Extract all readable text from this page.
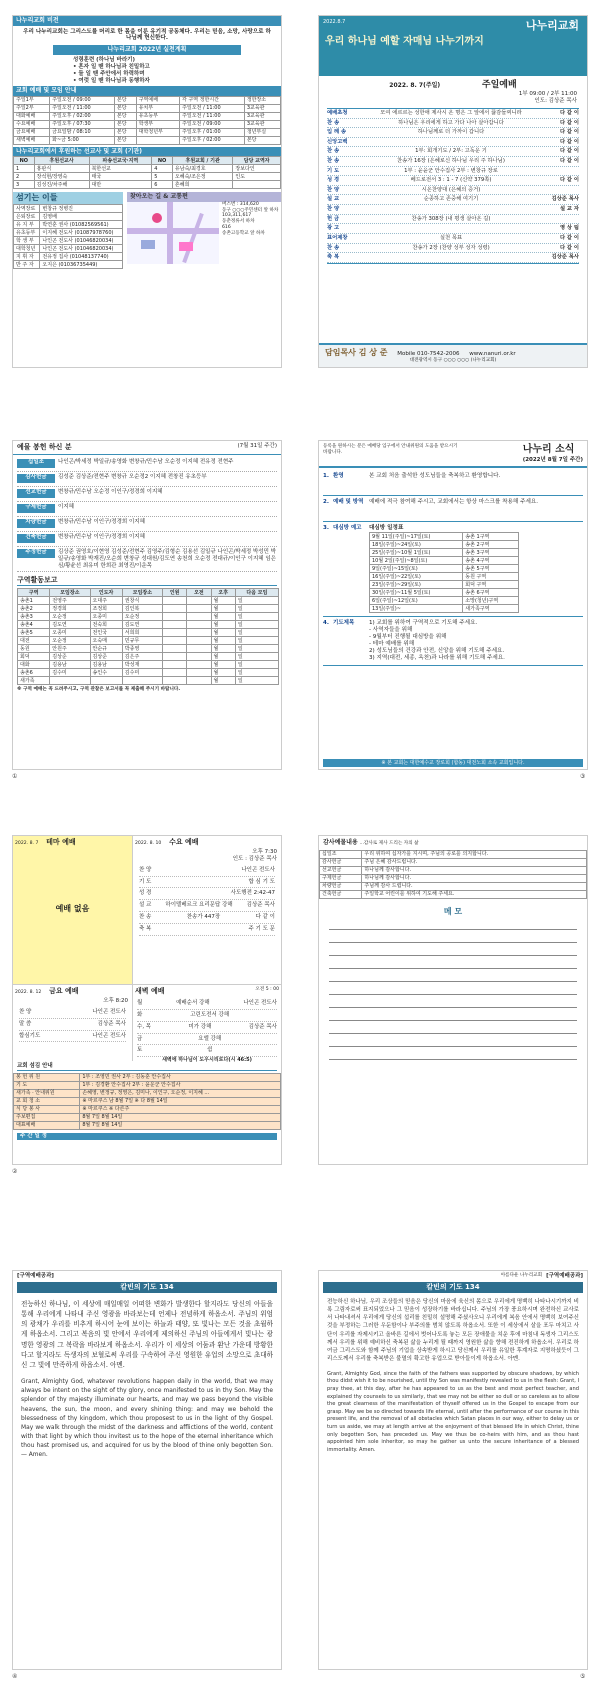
나누리교회 비전
우리 나누리교회는 그리스도를 머리로 한 몸을 이룬 유기적 공동체다. 우리는 믿음, 소망, 사랑으로 하나님께 헌신한다.
나누리교회 2022년 실천계획
성령훈련 (하나님 바라기)
• 혼자 일 땐 하나님과 친밀하고
• 둘 일 땐 주안에서 하력하며
• 여럿 일 땐 하나님과 동행하자
교회 예배 및 모임 안내
주일1부	주일오전 / 09:00	본당	구역예배	각 구역 정한시간	정한장소
주일2부	주일오전 / 11:00	본당	유치부	주일오전 / 11:00	3교육관
대화예배	주일오후 / 02:00	본당	유초등부	주일오전 / 11:00	3교육관
수요예배	주일오후 / 07:30	본당	학생부	주일오전 / 09:00	3교육관
금요예배	금요일밤 / 08:10	본당	대학청년부	주일오후 / 01:00	청년부실
새벽예배	화~금 5:00	본당		주일오후 / 02:00	본당
나누리교회에서 후원하는 선교사 및 교회 (기관)
NO	후원선교사	파송선교국·지역	NO	후원교회 / 기관	담당 교역자
1	홍판식	북한선교	4	유남숙/최경호	장보다인
2	장석현/장영숙	태국	5	오혜숙/조은정	인도
3	김성진/차주해	대만	6	흔혜희	
섬기는 이들
사역장로	변창규 정병진
은퇴장로	김영배
유 지 부	박연훈 권사 (01082569561)
유초등부	이지혜 전도사 (01087978760)
학 생 부	나인곤 전도사 (01046820034)
대학청년	나인곤 전도사 (01046820034)
지 휘 자	전유정 집사 (01048137740)
반 주 자	오지은 (01036735449)
찾아오는 길 & 교통편
버스번 : 314,620
동구 ○○○주민센터 앞 하차
103,311,617
동춘정류서 하차
616
송촌고등학교 앞 하차
2022.8.7	나누리교회
우리 하나님 예할 자매님 나누기까지
2022. 8. 7(주일)	주일예배
1부 09:00 / 2부 11:00
인도: 김상준 목사
예배초청	모여 에르르는 성한애 제사시 온 명은 그 앞에서 끓감들찌니라	다 같 이
찬 송	하나님은 우리에게 하고 가다 나아 살아갑니다	다 같 이
입 례 송	하나님께로 더 가까이 갑니다	다 같 이
신앙고백	다 같 이
찬 송	1부: 회개기도 / 2부: 고독운 기	다 같 이
찬 송	찬송가 16장 (은혜로신 하나님 우리 주 하나님)	다 같 이
기 도	1부 : 윤윤군 안수집사 2부 : 변창규 장로
성 경	베드로전서 3 : 1 - 7 (신약 379쪽)	다 같 이
찬 양	시온찬양대 (은혜의 증거)
설 교	순종하고 존중해 여기기	김상준 목사
찬 양	설 교 자
헌 금	찬송가 308장 (내 평생 살아온 길)
광 고	영 상 팀
표어제창	실천 목표	다 같 이
찬 송	찬송가 2장 (찬양 성부 성자 성령)	다 같 이
축 복	김상준 목사
담임목사 김 상 준 Mobile 010-7542-2006 www.nanuri.or.kr
대전광역시 동구 ○○○ ○○○ (나누리교회)
예물 봉헌 하신 분	(7월 31일 주간)
십일조	나인곤/박세정 박일규/송영화 변창규/민수남 오순정 이지혜 전유정 전현주
감사헌금	김성준 김상준/전현주 변창규 오순정2 이지혜 전창진 유초등부
선교헌금	변창규/민수남 오순정 이인구/정경희 이지혜
구제헌금	이지혜
차량헌금	변창규/민수남 이인구/정경희 이지혜
건축헌금	변창규/민수남 이인구/정경희 이지혜
주정헌금	김상준 권영호/이현영 김성준/전현주 김영주/김형순 김용선 김일규 나인곤/박세정 박성민 박일규/송영화 박재진/오순희 변창규 성대원/김도연 송천희 오순정 전대규/이인구 이지혜 임은심/황윤선 최유미 한희관 최영진/이운목
구역활동보고
구역	모임장소	인도자	모임장소	인원	오전	오후	다음 모임
송촌1	전영주	오대주	권창식			월	일
송촌2	정경희	조정희	김인복			월	일
송촌3	오순정	오종미	오순정			월	일
송촌4	김도연	전숙희	김도연			월	일
송촌5	오종미	전인국	서희희			월	일
대전	오순정	오숙매	민규무			월	일
동원	안원주	안순규	박종영			월	일
회덕	김상준	김상준	김은주			월	일
대화	김용남	김용남	박성재			월	일
송촌6	김수미	송인수	김수미			월	일
새가족						월	일
※ 구역 예배는 꼭 드려주시고, 구역 관찰은 보고서를 꼭 제출해 주시기 바랍니다.
①
등록을 원하시는 분은 예배당 입구에서 안내위원의 도움을 받으시기 바랍니다.	나누리 소식
(2022년 8월 7일 주간)
1. 환영	본 교회 처음 출석한 성도님들을 축복하고 환영합니다.
2. 예배 및 방역 예배에 적극 참여해 주시고, 교회에서는 항상 마스크를 착용해 주세요.
3. 대심방 예고	대심방 일정표
9월 11일(주일)~17일(토)	송촌 1구역
18일(주일)~24일(토)	송촌 2구역
25일(주일)~10월 1일(토)	송촌 3구역
10월 2일(주일)~8일(토)	송촌 4구역
9일(주일)~15일(토)	송촌 5구역
16일(주일)~22일(토)	동원 구역
23일(주일)~29일(토)	회덕 구역
30일(주일)~11월 5일(토)	송촌 6구역
6일(주일)~12일(토)	소망(청년)구역
13일(주일)~	새가족구역
4. 기도제목	1) 교회를 위하여 구역적으로 기도해 주세요.
- 사역자들을 위해
- 9월부터 진행될 대심방을 위해
- 테마 예배를 위해
2) 성도님들의 건강과 안전, 신앙을 위해 기도해 주세요.
3) 지역(대전, 세종, 옥천)과 나라를 위해 기도해 주세요.
※ 본 교회는 대한예수교 장로회 (합동) 대전노회 소속 교회입니다.
③
2022. 8. 7 테마 예배
예배 없음
2022. 8. 10 수요 예배
오후 7:30
인도 : 김상준 목사
찬 양	나인곤 전도사
기 도	합 심 기 도
성 경	사도행전 2:42-47
설 교	하이델베르크 요리문답 강해	김상준 목사
찬 송	찬송가 447장	다 같 이
축 복	주 기 도 문
2022. 8. 12 금요 예배
오후 8:20
찬 양	나인곤 전도사
말 씀	김상준 목사
합심기도	나인곤 전도사
새벽 예배	오전 5 : 00
월	예배순서 강해	나인곤 전도사
화	고린도전서 강해
수, 목	미가 강해	김상준 목사
금	요엘 강해
토	쉼
새벽에 하나님이 도우시리로다(시 46:5)
교회 섬김 안내
봉 헌 위 원	1부 : 조영민 권사 2부 : 김동훈 안수집사
기 도	1부 : 김경환 안수집사 2부 : 윤운군 안수집사
새가족 · 안내위원	손혜영, 변정규, 정영은, 김미나, 이인구, 오순정, 이지혜 ...
교 회 청 소	※ 마르쿠스 남 8월 7일 ※ 다 8월 14일
식 당 봉 사	※ 마르쿠스 ※ 다른주
주보편집	8월 7일 8월 14일
대표예배	8월 7일 8월 14일
주 간 일 정
②
감사예물내용 ...감사로 제사 드리는 자의 삶
십일조	우리 위하여 십자가를 지시며, 주님의 공로를 의지합니다.
감사헌금	주님 은혜 감사드립니다.
선교헌금	하나님께 감사합니다.
구제헌금	하나님께 감사합니다.
차량헌금	주님께 감사 드립니다.
건축헌금	주일학교 어린이를 위하여 기도해 주세요.
메 모
[구역예배공과]
칼빈의 기도 134
전능하신 하나님, 이 세상에 매일매일 어떠한 변화가 발생한다 할지라도 당신의 아들을 통해 우리에게 나타내 주신 영광을 바라보는데 언제나 전념하게 하옵소서. 주님의 위엄의 광채가 우리를 비추게 하시어 눈에 보이는 하늘과 태양, 또 빛나는 모든 것을 초월하게 하옵소서. 그리고 복음의 빛 안에서 우리에게 제의하신 주님의 아들에게서 빛나는 광명한 영광의 그 복락을 바라보게 하옵소서. 우리가 이 세상의 어둠과 환난 가운데 방황한다고 할지라도 독생자의 보혈로써 우리를 구속하여 주신 영원한 유업의 소망으로 초대하신 그 빛에 만족하게 하옵소서. 아멘.
Grant, Almighty God, whatever revolutions happen daily in the world, that we may always be intent on the sight of thy glory, once manifested to us in thy Son. May the splendor of thy majesty illuminate our hearts, and may we pass beyond the visible heavens, the sun, the moon, and every shining thing: and may we behold the blessedness of thy kingdom, which thou proposest to us in the light of thy Gospel. May we walk through the midst of the darkness and afflictions of the world, content with that light by which thou invitest us to the hope of the eternal inheritance which thou hast promised us, and acquired for us by the blood of thine only begotten Son. — Amen.
④
아름다운 나누리교회 [구역예배공과]
칼빈의 기도 134
전능하신 하나님, 우리 조상들의 믿음은 당신의 마음에 육신의 몸으로 우리에게 명백히 나타나시기까지 비록 그림자로써 표지되었으나 그 믿음이 성장하기를 바라십니다. 주님의 가장 풍요하시며 완전하신 교사로서 나타내셔서 우리에게 당신의 섭리를 친밀히 설명해 주셨사오니 우리에게 복음 안에서 명백히 보여주신 것을 부정하는 그러한 우둔함이나 부주의를 범치 않도록 하옵소서. 또한 이 세상에서 살을 포두 마치고 사단이 우리를 자제시키고 올바른 길에서 벗어나도록 놓는 모든 장애물을 치운 후에 마침내 독생자 그리스도께서 우리를 위해 예비하신 축복된 삶을 누리게 될 때까지 영원한 삶을 향해 전진하게 하옵소서. 우리로 하여금 그리스도와 함께 주님의 기업을 상속받게 하시고 당신께서 우리를 유일한 후계자로 지명하셨듯이 그리스도께서 우리를 축복받은 불멸의 확고한 유업으로 받아들이게 하옵소서. 아멘.
Grant, Almighty God, since the faith of the fathers was supported by obscure shadows, by which thou didst wish it to be nourished, until thy Son was manifestly revealed to us in the flesh: Grant, I pray thee, at this day, after he has appeared to us as the best and most perfect teacher, and explained thy counsels to us similarly, that we may not be either so dull or so careless as to allow the great clearness of the manifestation of thyself offered us in the Gospel to escape from our grasp. May we be so directed towards life eternal, until after the performance of our course in this present life, and the removal of all obstacles which Satan places in our way, either to delay us or turn us aside, we may at length arrive at the enjoyment of that blessed life in which Christ, thine only begotten Son, has preceded us. May we thus be co-heirs with him, and as thou hast appointed him sole inheritor, so may he gather us unto the secure inheritance of a blessed immortality. Amen.
⑤
